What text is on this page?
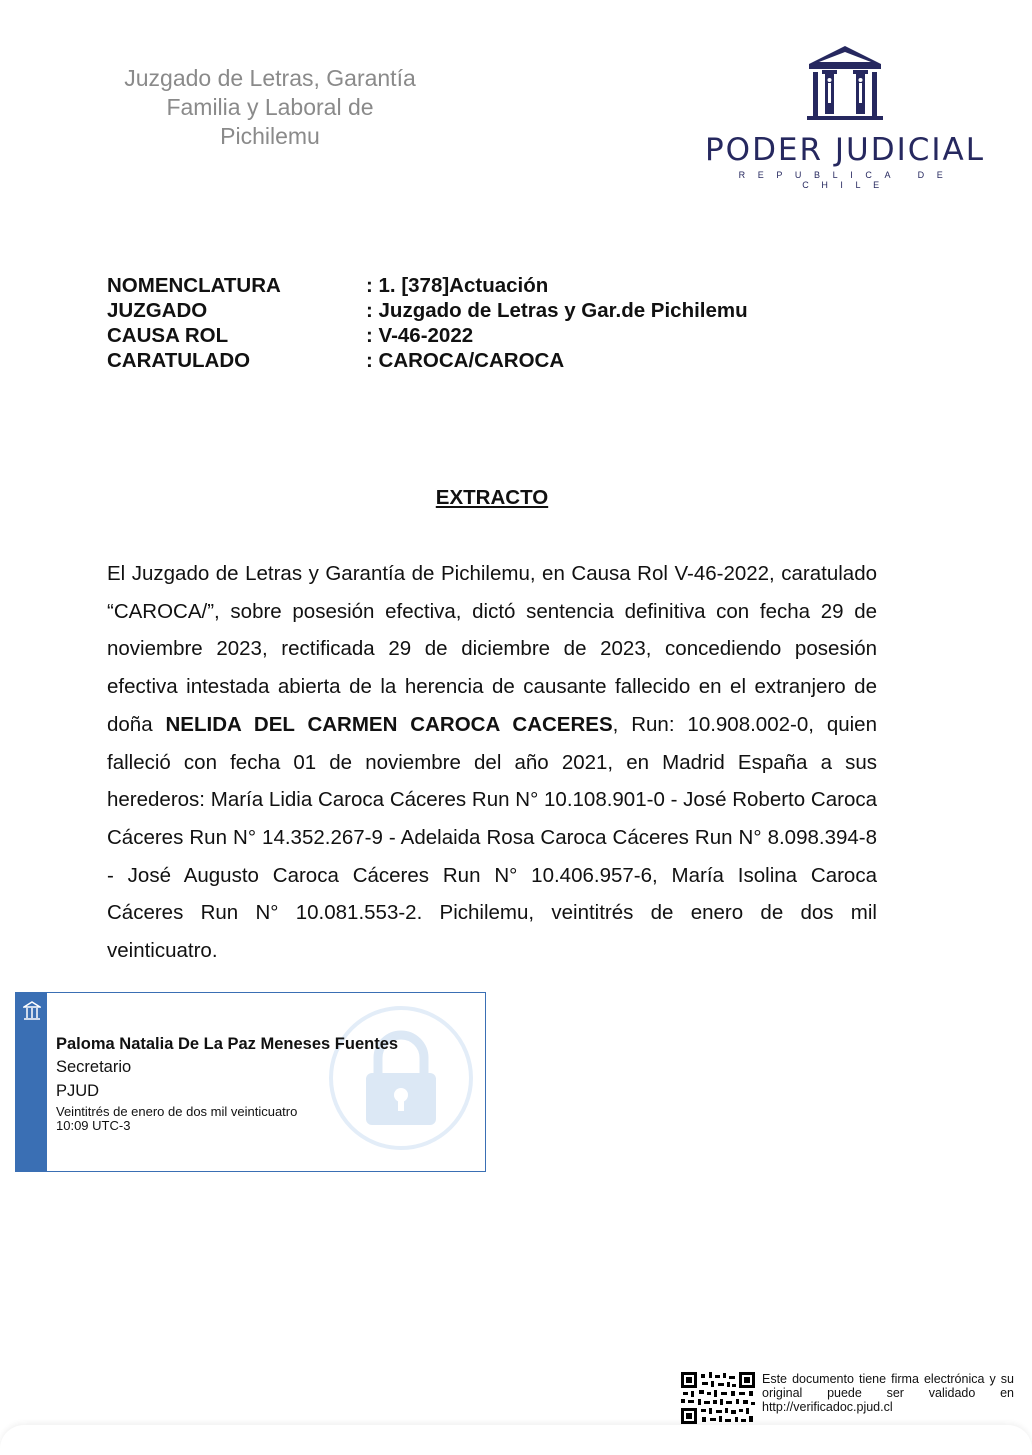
Juzgado de Letras, Garantía
Familia y Laboral de
Pichilemu	PODER JUDICIAL
REPUBLICA DE CHILE
NOMENCLATURA	: 1. [378]Actuación
JUZGADO	: Juzgado de Letras y Gar.de Pichilemu
CAUSA ROL	: V-46-2022
CARATULADO	: CAROCA/CAROCA
EXTRACTO
El Juzgado de Letras y Garantía de Pichilemu, en Causa Rol V-46-2022, caratulado “CAROCA/”, sobre posesión efectiva, dictó sentencia definitiva con fecha 29 de noviembre 2023, rectificada 29 de diciembre de 2023, concediendo posesión efectiva intestada abierta de la herencia de causante fallecido en el extranjero de doña NELIDA DEL CARMEN CAROCA CACERES, Run: 10.908.002-0, quien falleció con fecha 01 de noviembre del año 2021, en Madrid España a sus herederos: María Lidia Caroca Cáceres Run N° 10.108.901-0 - José Roberto Caroca Cáceres Run N° 14.352.267-9 - Adelaida Rosa Caroca Cáceres Run N° 8.098.394-8 - José Augusto Caroca Cáceres Run N° 10.406.957-6, María Isolina Caroca Cáceres Run N° 10.081.553-2. Pichilemu, veintitrés de enero de dos mil veinticuatro.
Paloma Natalia De La Paz Meneses Fuentes
Secretario
PJUD
Veintitrés de enero de dos mil veinticuatro
10:09 UTC-3
Este documento tiene firma electrónica y su original puede ser validado en http://verificadoc.pjud.cl
